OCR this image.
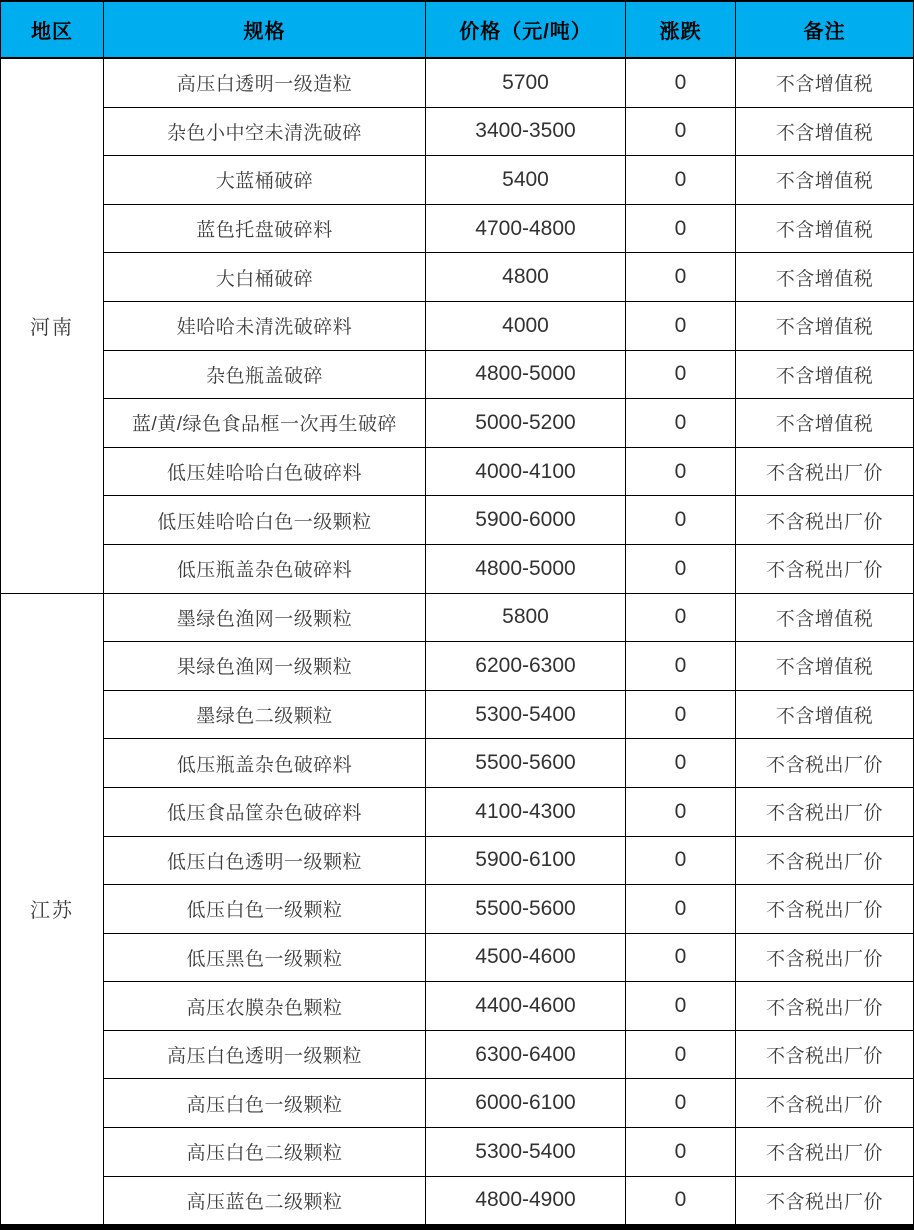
地区	规格	价格（元/吨）	涨跌	备注
河南	高压白透明一级造粒	5700	0	不含增值税
	杂色小中空未清洗破碎	3400-3500	0	不含增值税
	大蓝桶破碎	5400	0	不含增值税
	蓝色托盘破碎料	4700-4800	0	不含增值税
	大白桶破碎	4800	0	不含增值税
	娃哈哈未清洗破碎料	4000	0	不含增值税
	杂色瓶盖破碎	4800-5000	0	不含增值税
	蓝/黄/绿色食品框一次再生破碎	5000-5200	0	不含增值税
	低压娃哈哈白色破碎料	4000-4100	0	不含税出厂价
	低压娃哈哈白色一级颗粒	5900-6000	0	不含税出厂价
	低压瓶盖杂色破碎料	4800-5000	0	不含税出厂价
江苏	墨绿色渔网一级颗粒	5800	0	不含增值税
	果绿色渔网一级颗粒	6200-6300	0	不含增值税
	墨绿色二级颗粒	5300-5400	0	不含增值税
	低压瓶盖杂色破碎料	5500-5600	0	不含税出厂价
	低压食品筐杂色破碎料	4100-4300	0	不含税出厂价
	低压白色透明一级颗粒	5900-6100	0	不含税出厂价
	低压白色一级颗粒	5500-5600	0	不含税出厂价
	低压黑色一级颗粒	4500-4600	0	不含税出厂价
	高压农膜杂色颗粒	4400-4600	0	不含税出厂价
	高压白色透明一级颗粒	6300-6400	0	不含税出厂价
	高压白色一级颗粒	6000-6100	0	不含税出厂价
	高压白色二级颗粒	5300-5400	0	不含税出厂价
	高压蓝色二级颗粒	4800-4900	0	不含税出厂价
